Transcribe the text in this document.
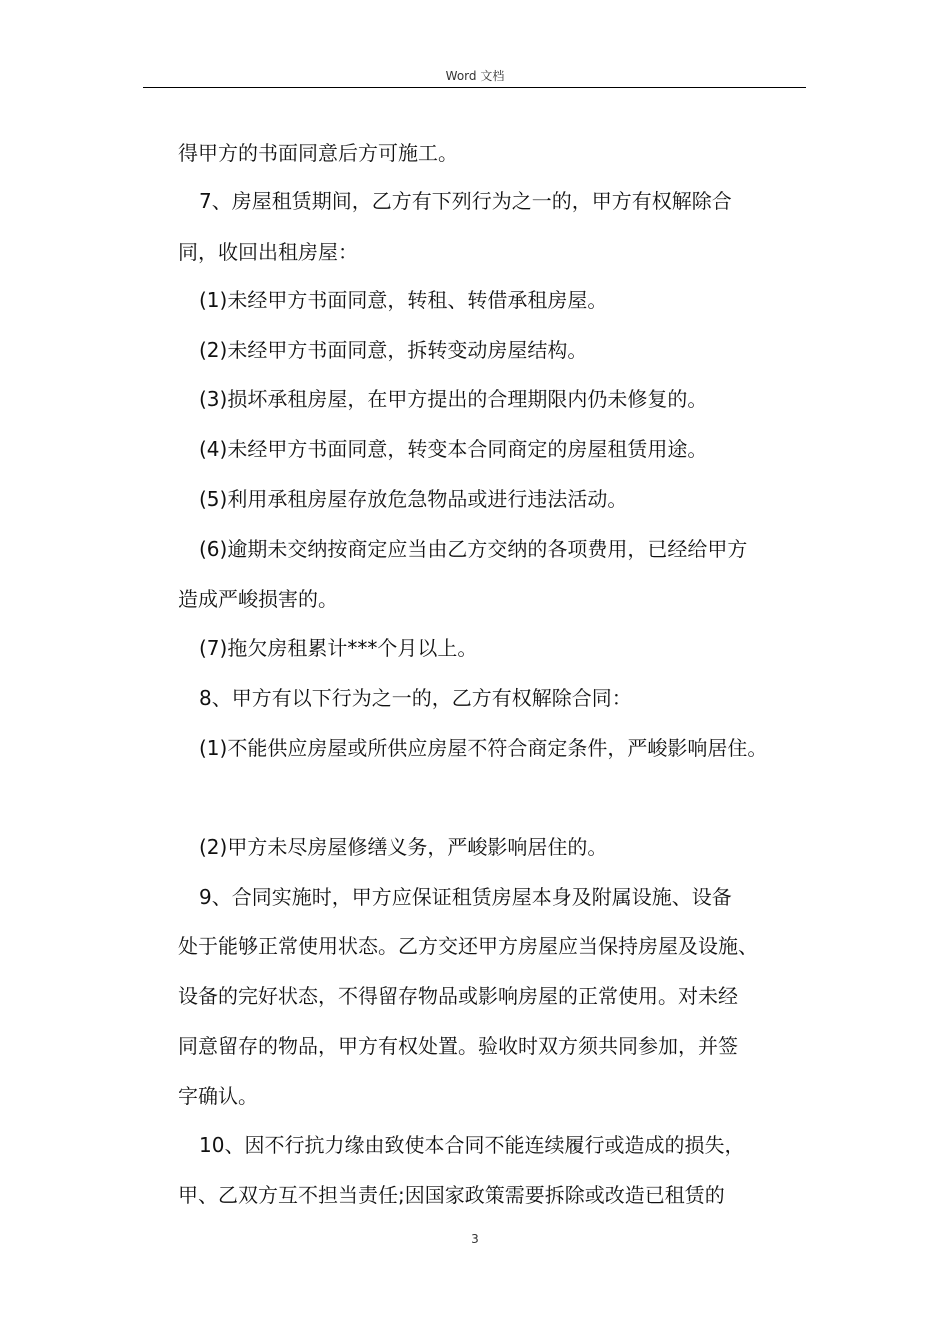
Word 文档
得甲方的书面同意后方可施工。
7、房屋租赁期间，乙方有下列行为之一的，甲方有权解除合
同，收回出租房屋：
(1)未经甲方书面同意，转租、转借承租房屋。
(2)未经甲方书面同意，拆转变动房屋结构。
(3)损坏承租房屋，在甲方提出的合理期限内仍未修复的。
(4)未经甲方书面同意，转变本合同商定的房屋租赁用途。
(5)利用承租房屋存放危急物品或进行违法活动。
(6)逾期未交纳按商定应当由乙方交纳的各项费用，已经给甲方
造成严峻损害的。
(7)拖欠房租累计***个月以上。
8、甲方有以下行为之一的，乙方有权解除合同：
(1)不能供应房屋或所供应房屋不符合商定条件，严峻影响居住。
(2)甲方未尽房屋修缮义务，严峻影响居住的。
9、合同实施时，甲方应保证租赁房屋本身及附属设施、设备
处于能够正常使用状态。乙方交还甲方房屋应当保持房屋及设施、
设备的完好状态，不得留存物品或影响房屋的正常使用。对未经
同意留存的物品，甲方有权处置。验收时双方须共同参加，并签
字确认。
10、因不行抗力缘由致使本合同不能连续履行或造成的损失，
甲、乙双方互不担当责任;因国家政策需要拆除或改造已租赁的
3
